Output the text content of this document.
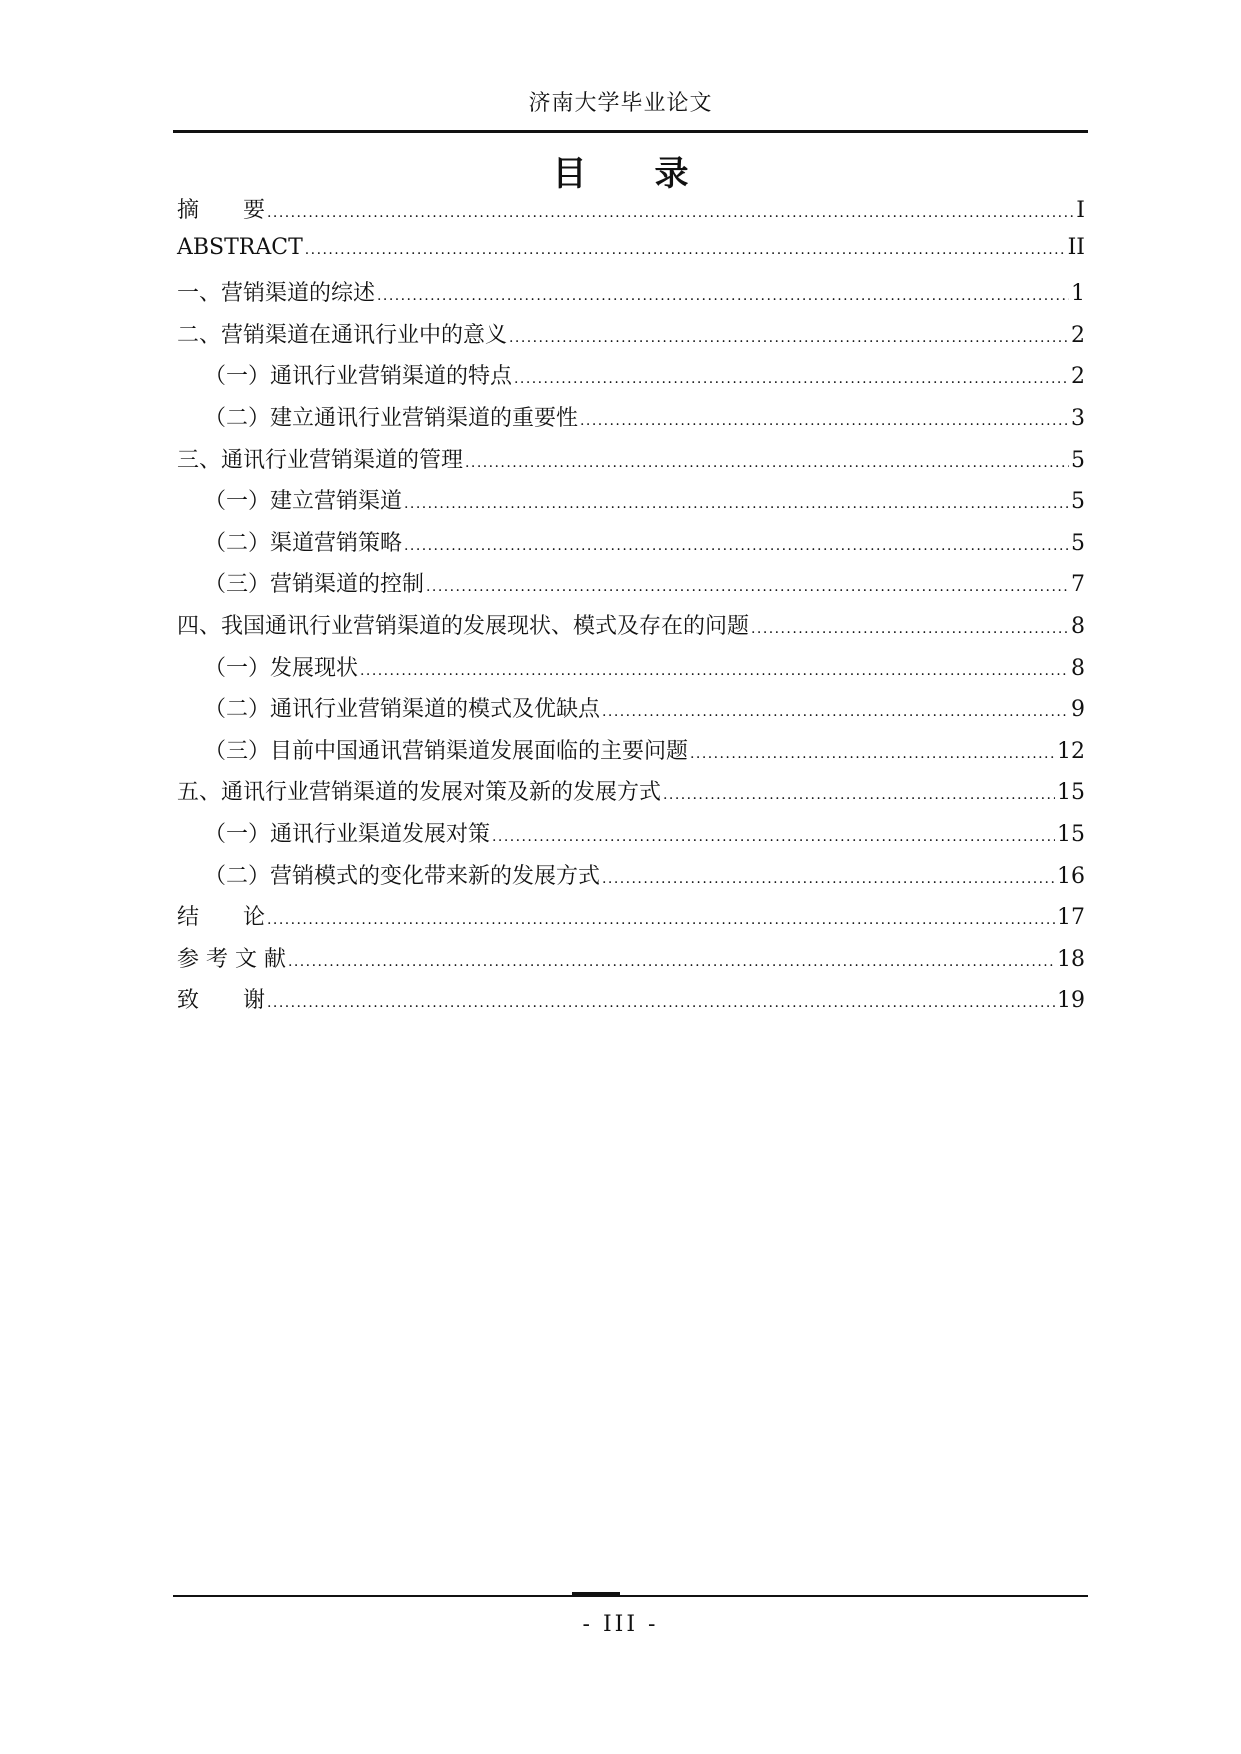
济南大学毕业论文
目　　录
摘　　要 . . .	I
ABSTRACT . . .	II
一、营销渠道的综述 . . .	1
二、营销渠道在通讯行业中的意义 . . .	2
（一）通讯行业营销渠道的特点 . . .	2
（二）建立通讯行业营销渠道的重要性 . . .	3
三、通讯行业营销渠道的管理 . . .	5
（一）建立营销渠道 . . .	5
（二）渠道营销策略 . . .	5
（三）营销渠道的控制 . . .	7
四、我国通讯行业营销渠道的发展现状、模式及存在的问题 . . .	8
（一）发展现状 . . .	8
（二）通讯行业营销渠道的模式及优缺点 . . .	9
（三）目前中国通讯营销渠道发展面临的主要问题 . . .	12
五、通讯行业营销渠道的发展对策及新的发展方式 . . .	15
（一）通讯行业渠道发展对策 . . .	15
（二）营销模式的变化带来新的发展方式 . . .	16
结　　论 . . .	17
参 考 文 献 . . .	18
致　　谢 . . .	19
- III -
